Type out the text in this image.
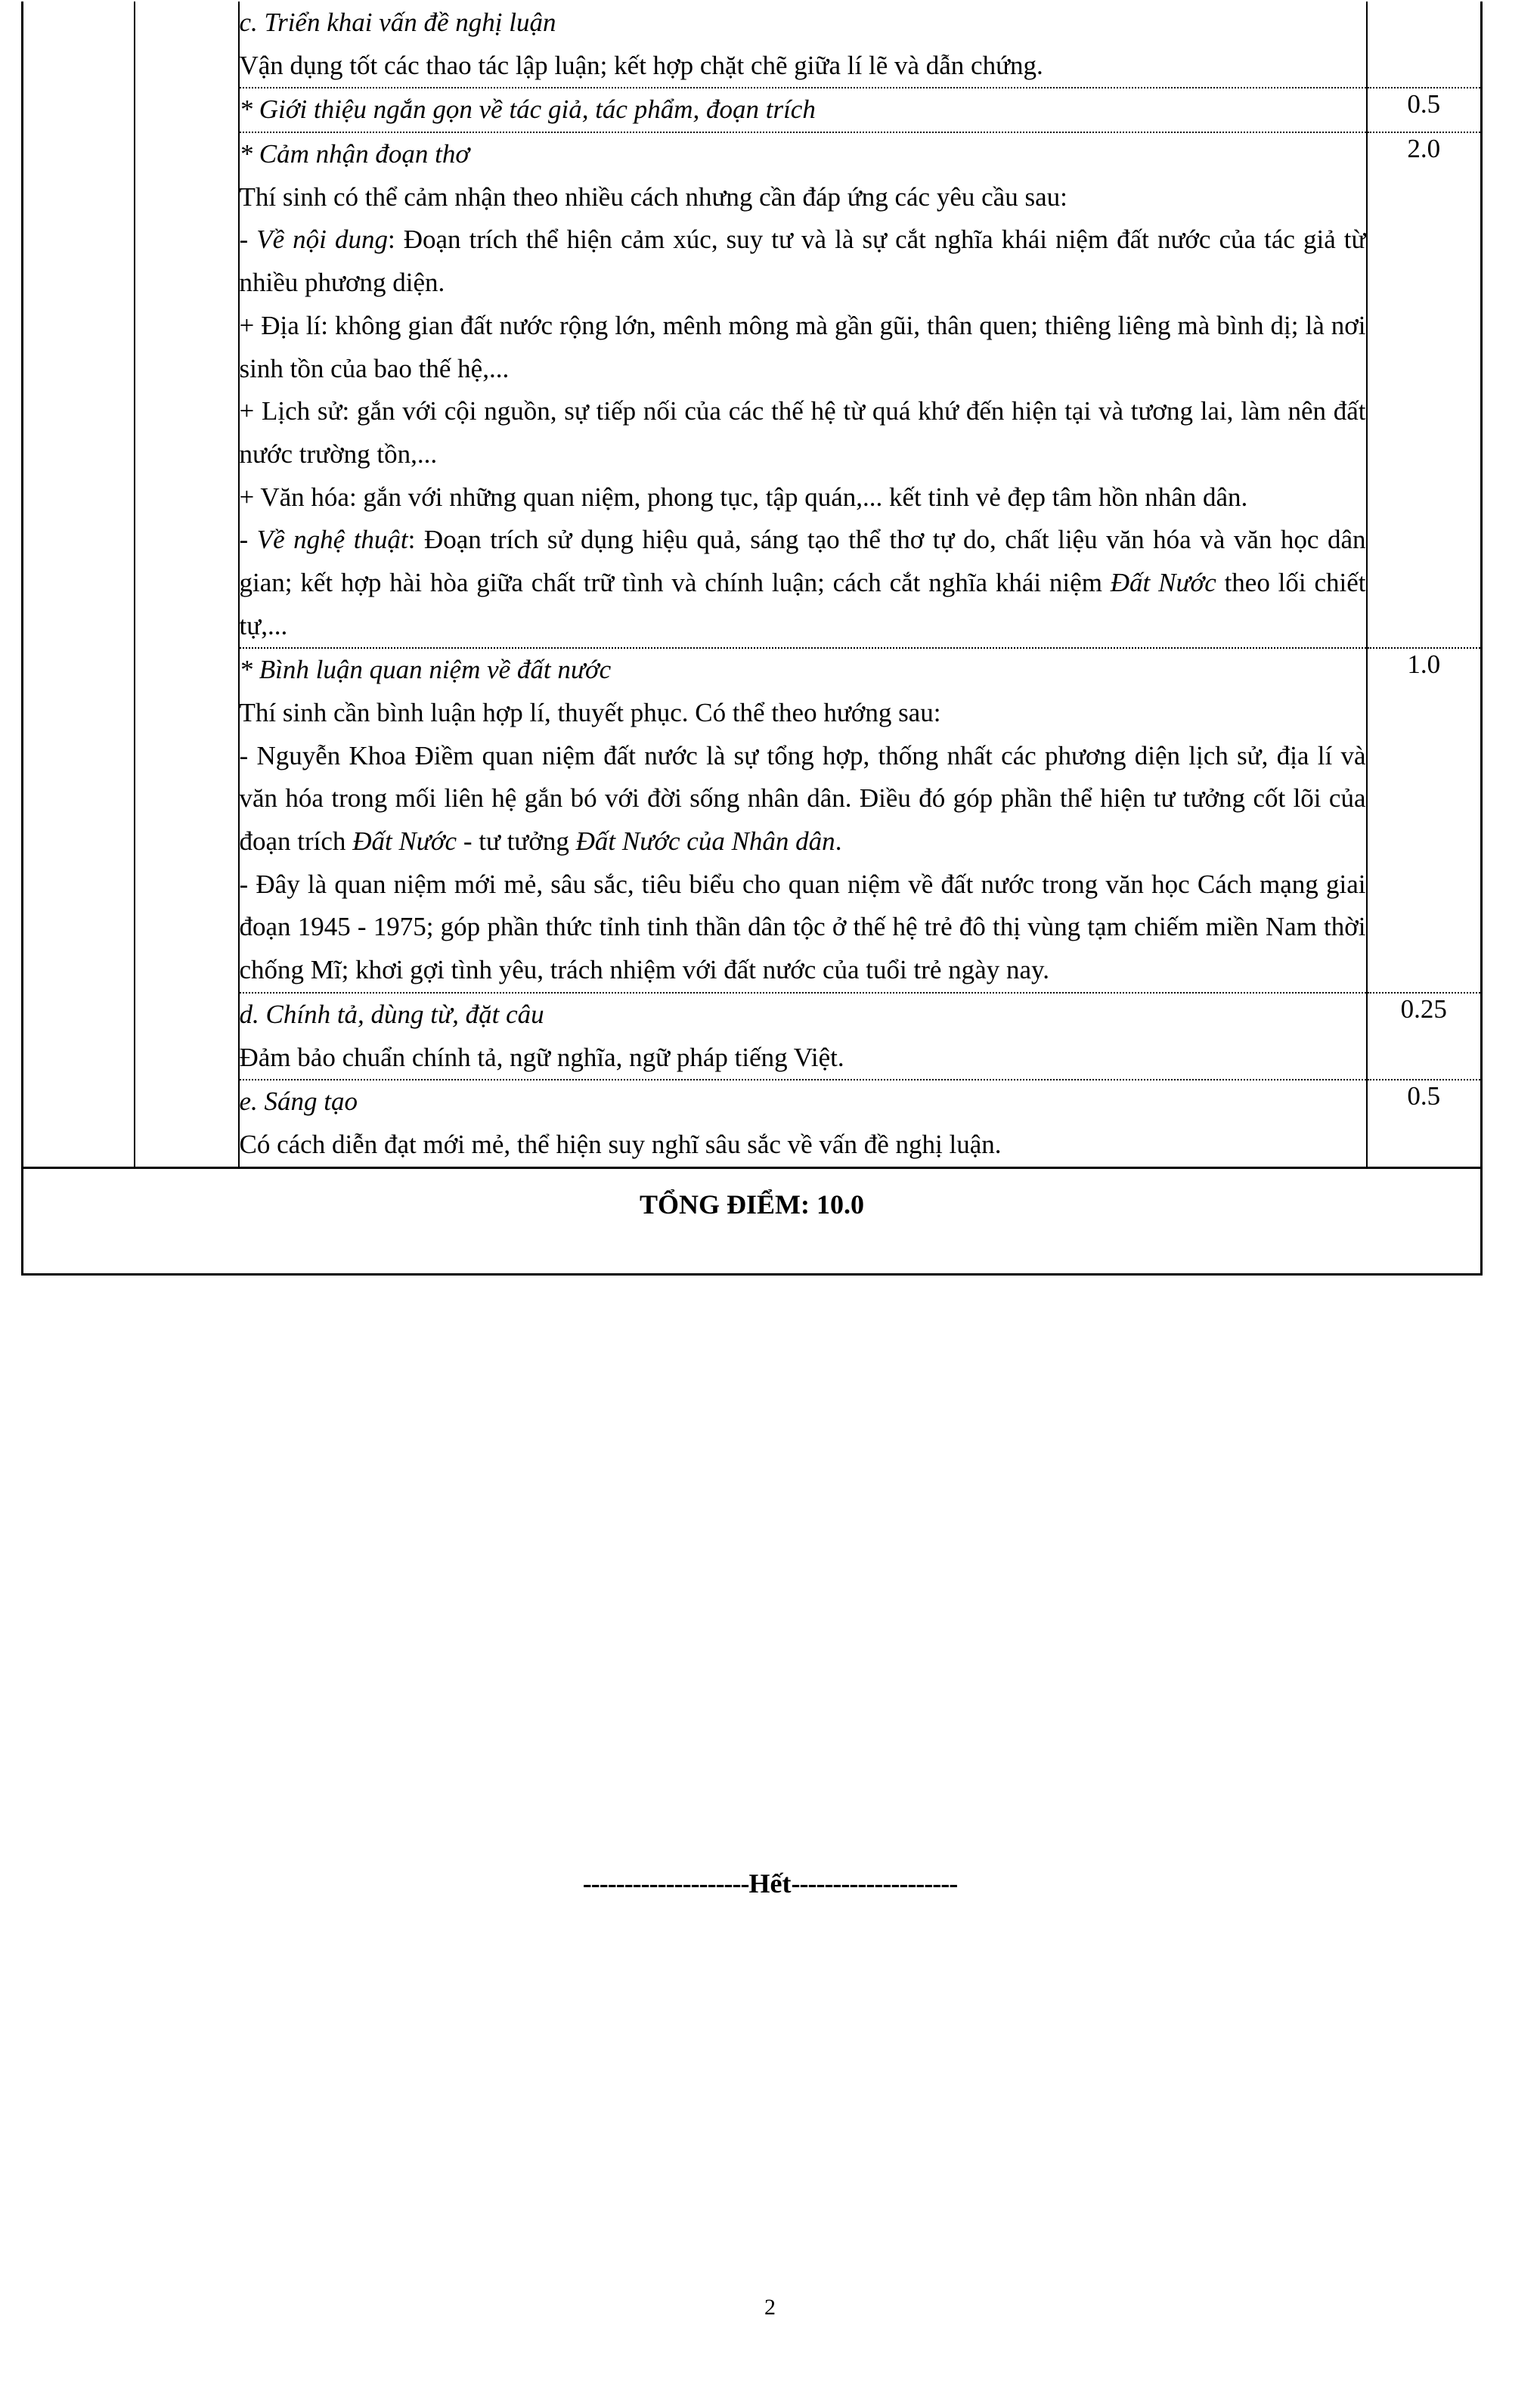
		c. Triển khai vấn đề nghị luận

Vận dụng tốt các thao tác lập luận; kết hợp chặt chẽ giữa lí lẽ và dẫn chứng.	

		* Giới thiệu ngắn gọn về tác giả, tác phẩm, đoạn trích	0.5

* Cảm nhận đoạn thơ

Thí sinh có thể cảm nhận theo nhiều cách nhưng cần đáp ứng các yêu cầu sau:

- Về nội dung: Đoạn trích thể hiện cảm xúc, suy tư và là sự cắt nghĩa khái niệm đất nước của tác giả từ nhiều phương diện.

+ Địa lí: không gian đất nước rộng lớn, mênh mông mà gần gũi, thân quen; thiêng liêng mà bình dị; là nơi sinh tồn của bao thế hệ,...

+ Lịch sử: gắn với cội nguồn, sự tiếp nối của các thế hệ từ quá khứ đến hiện tại và tương lai, làm nên đất nước trường tồn,...

+ Văn hóa: gắn với những quan niệm, phong tục, tập quán,... kết tinh vẻ đẹp tâm hồn nhân dân.

- Về nghệ thuật: Đoạn trích sử dụng hiệu quả, sáng tạo thể thơ tự do, chất liệu văn hóa và văn học dân gian; kết hợp hài hòa giữa chất trữ tình và chính luận; cách cắt nghĩa khái niệm Đất Nước theo lối chiết tự,...

	2.0

		* Bình luận quan niệm về đất nước

Thí sinh cần bình luận hợp lí, thuyết phục. Có thể theo hướng sau:

- Nguyễn Khoa Điềm quan niệm đất nước là sự tổng hợp, thống nhất các phương diện lịch sử, địa lí và văn hóa trong mối liên hệ gắn bó với đời sống nhân dân. Điều đó góp phần thể hiện tư tưởng cốt lõi của đoạn trích Đất Nước - tư tưởng Đất Nước của Nhân dân.

- Đây là quan niệm mới mẻ, sâu sắc, tiêu biểu cho quan niệm về đất nước trong văn học Cách mạng giai đoạn 1945 - 1975; góp phần thức tỉnh tinh thần dân tộc ở thế hệ trẻ đô thị vùng tạm chiếm miền Nam thời chống Mĩ; khơi gợi tình yêu, trách nhiệm với đất nước của tuổi trẻ ngày nay.	1.0

		d. Chính tả, dùng từ, đặt câu

Đảm bảo chuẩn chính tả, ngữ nghĩa, ngữ pháp tiếng Việt.	0.25

		e. Sáng tạo

Có cách diễn đạt mới mẻ, thể hiện suy nghĩ sâu sắc về vấn đề nghị luận.	0.5
TỔNG ĐIỂM: 10.0			
--------------------Hết--------------------
2
